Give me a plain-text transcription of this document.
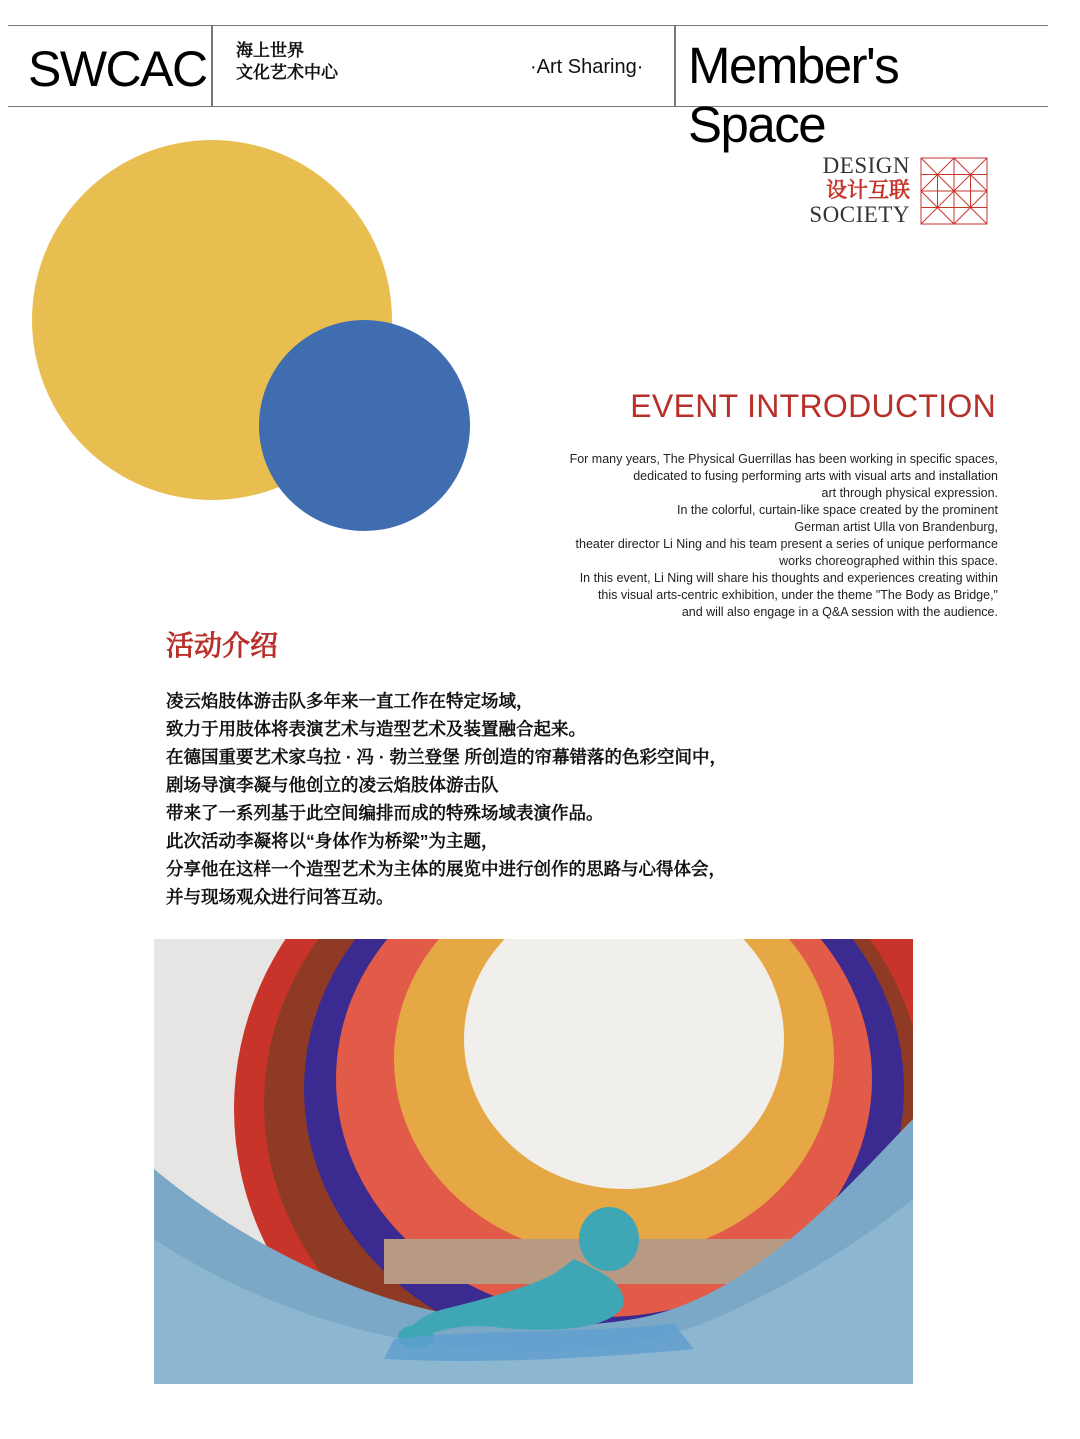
SWCAC 海上世界
文化艺术中心	·Art Sharing· Member's Space
DESIGN
设计互联
SOCIETY
EVENT INTRODUCTION
For many years, The Physical Guerrillas has been working in specific spaces,
dedicated to fusing performing arts with visual arts and installation
art through physical expression.
In the colorful, curtain-like space created by the prominent
German artist Ulla von Brandenburg,
theater director Li Ning and his team present a series of unique performance
works choreographed within this space.
In this event, Li Ning will share his thoughts and experiences creating within
this visual arts-centric exhibition, under the theme "The Body as Bridge,"
and will also engage in a Q&A session with the audience.
活动介绍
凌云焰肢体游击队多年来一直工作在特定场域，
致力于用肢体将表演艺术与造型艺术及装置融合起来。
在德国重要艺术家乌拉 · 冯 · 勃兰登堡 所创造的帘幕错落的色彩空间中，
剧场导演李凝与他创立的凌云焰肢体游击队
带来了一系列基于此空间编排而成的特殊场域表演作品。
此次活动李凝将以“身体作为桥梁”为主题，
分享他在这样一个造型艺术为主体的展览中进行创作的思路与心得体会，
并与现场观众进行问答互动。
